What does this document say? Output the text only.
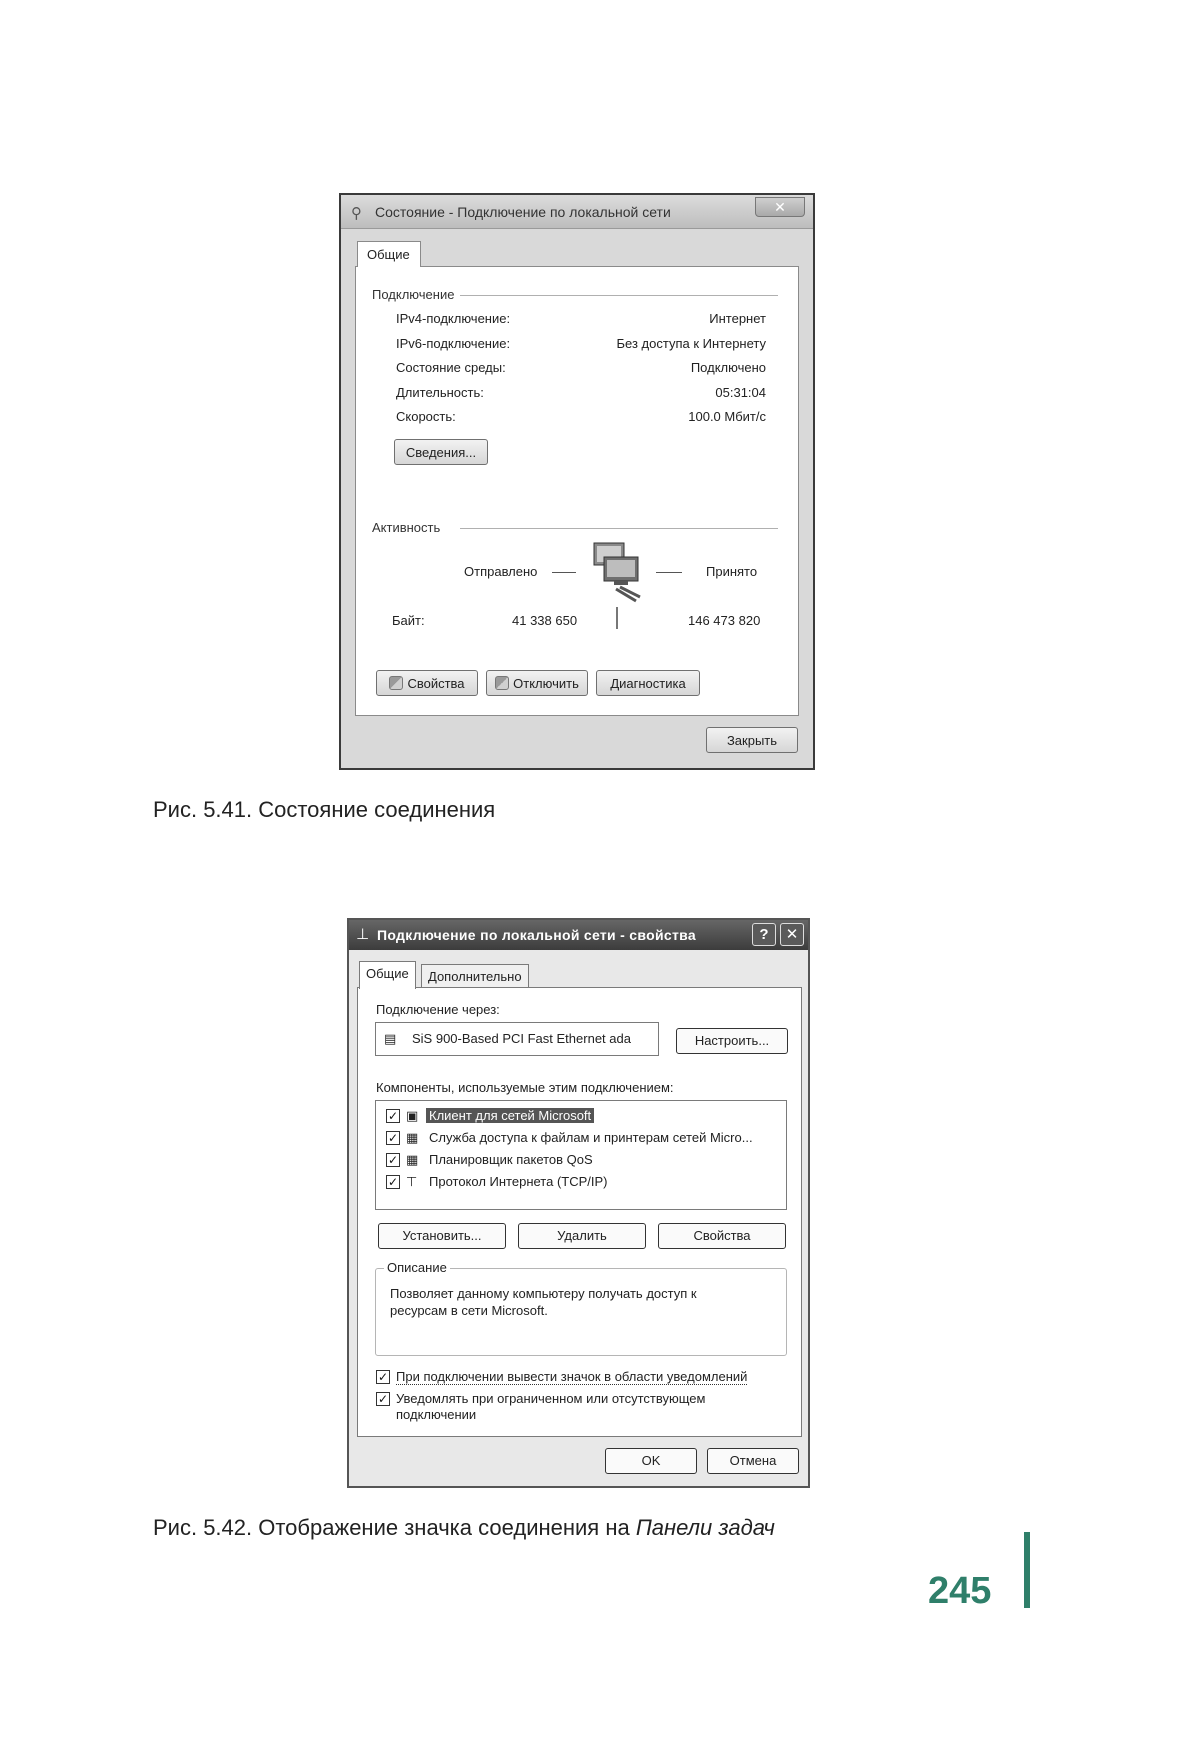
⚲ Состояние - Подключение по локальной сети	✕
Общие
Подключение
IPv4-подключение:	Интернет
IPv6-подключение:	Без доступа к Интернету
Состояние среды:	Подключено
Длительность:	05:31:04
Скорость:	100.0 Мбит/с
Сведения...
Активность
Отправлено	Принято
Байт:	41 338 650	146 473 820
Свойства	Отключить	Диагностика
Закрыть
Рис. 5.41. Состояние соединения
⊥ Подключение по локальной сети - свойства	?	✕
Общие	Дополнительно
Подключение через:
▤ SiS 900-Based PCI Fast Ethernet ada	Настроить...
Компоненты, используемые этим подключением:
✓ ▣ Клиент для сетей Microsoft
✓ ▦ Служба доступа к файлам и принтерам сетей Micro...
✓ ▦ Планировщик пакетов QoS
✓ ⊤ Протокол Интернета (TCP/IP)
Установить...	Удалить	Свойства
Описание
Позволяет данному компьютеру получать доступ к ресурсам в сети Microsoft.
✓ При подключении вывести значок в области уведомлений
✓ Уведомлять при ограниченном или отсутствующем подключении
OK	Отмена
Рис. 5.42. Отображение значка соединения на Панели задач
245
